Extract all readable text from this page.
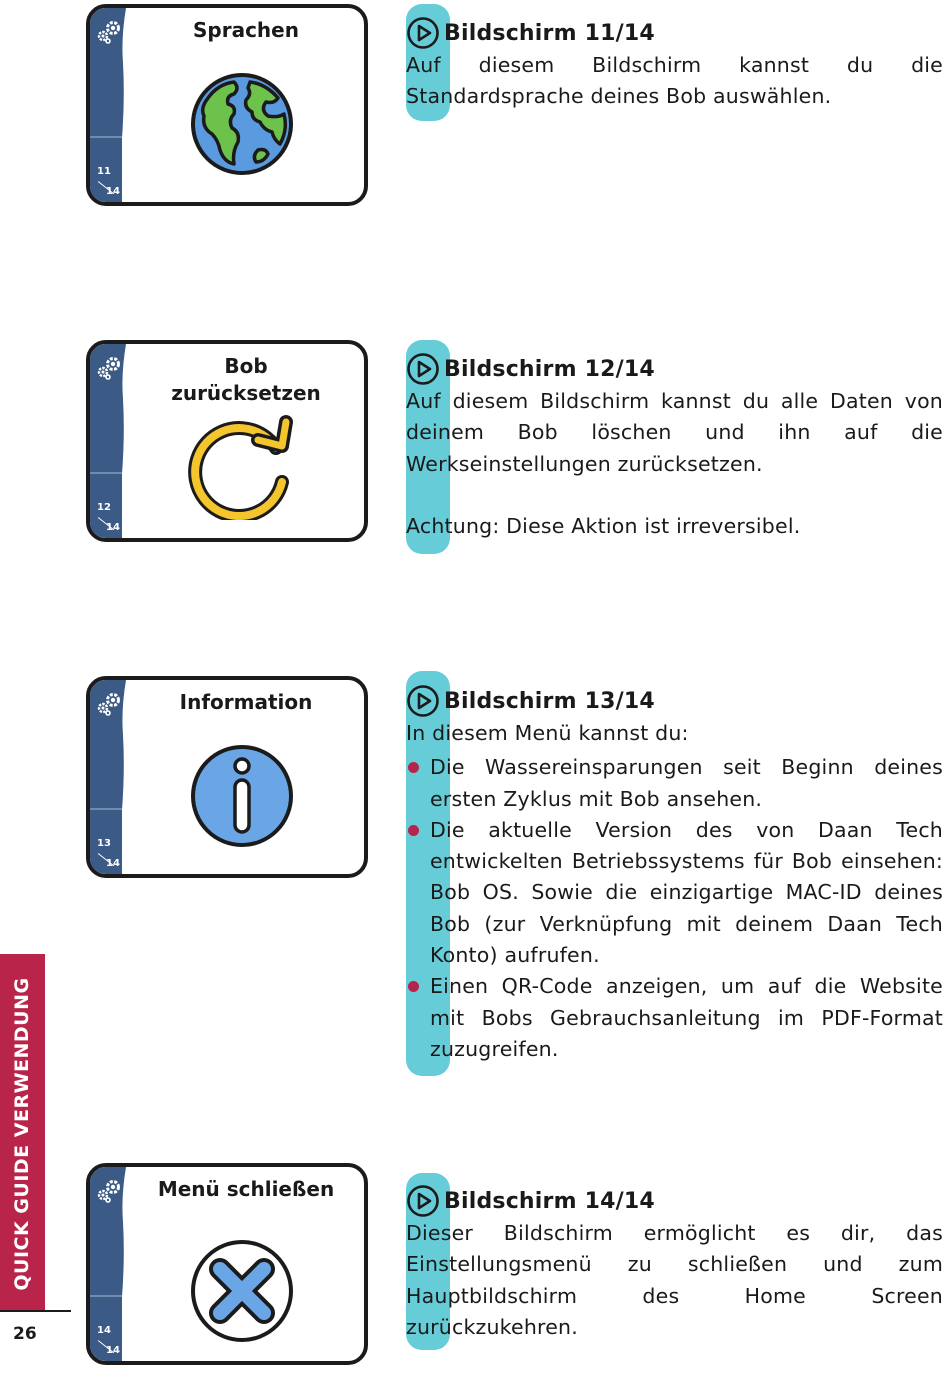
11
14
Sprachen
12
14
Bob
zurücksetzen
13
14
Information
14
14
Menü schließen
Bildschirm 11/14

Auf diesem Bildschirm kannst du die Standardsprache deines Bob auswählen.

Bildschirm 12/14

Auf diesem Bildschirm kannst du alle Daten von deinem Bob löschen und ihn auf die Werkseinstellungen zurücksetzen.

Achtung: Diese Aktion ist irreversibel.

Bildschirm 13/14

In diesem Menü kannst du:

Die Wassereinsparungen seit Beginn deines ersten Zyklus mit Bob ansehen.
Die aktuelle Version des von Daan Tech entwickelten Betriebssystems für Bob einsehen: Bob OS. Sowie die einzigartige MAC-ID deines Bob (zur Verknüpfung mit deinem Daan Tech Konto) aufrufen.
Einen QR-Code anzeigen, um auf die Website mit Bobs Gebrauchsanleitung im PDF-Format zuzugreifen.
Bildschirm 14/14

Dieser Bildschirm ermöglicht es dir, das Einstellungsmenü zu schließen und zum Hauptbildschirm des Home Screen zurückzukehren.

QUICK GUIDE VERWENDUNG
26
